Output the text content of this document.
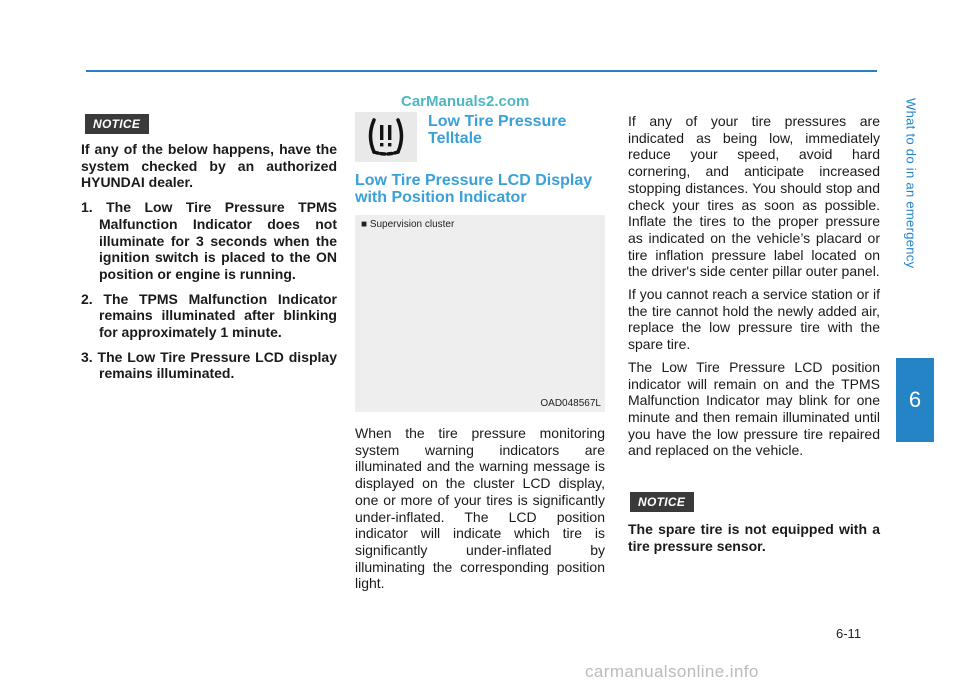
What to do in an emergency
6
CarManuals2.com
NOTICE

If any of the below happens, have the system checked by an authorized HYUNDAI dealer.

1. The Low Tire Pressure TPMS Malfunction Indicator does not illuminate for 3 seconds when the ignition switch is placed to the ON position or engine is running.
2. The TPMS Malfunction Indicator remains illuminated after blinking for approximately 1 minute.
3. The Low Tire Pressure LCD display remains illuminated.
Low Tire Pressure Telltale
Low Tire Pressure LCD Display with Position Indicator
■ Supervision cluster
OAD048567L

When the tire pressure monitoring system warning indicators are illuminated and the warning message is displayed on the cluster LCD display, one or more of your tires is significantly under-inflated. The LCD position indicator will indicate which tire is significantly under-inflated by illuminating the corresponding position light.

If any of your tire pressures are indicated as being low, immediately reduce your speed, avoid hard cornering, and anticipate increased stopping distances. You should stop and check your tires as soon as possible. Inflate the tires to the proper pressure as indicated on the vehicle’s placard or tire inflation pressure label located on the driver's side center pillar outer panel.

If you cannot reach a service station or if the tire cannot hold the newly added air, replace the low pressure tire with the spare tire.

The Low Tire Pressure LCD position indicator will remain on and the TPMS Malfunction Indicator may blink for one minute and then remain illuminated until you have the low pressure tire repaired and replaced on the vehicle.

NOTICE

The spare tire is not equipped with a tire pressure sensor.

6-11
carmanualsonline.info
